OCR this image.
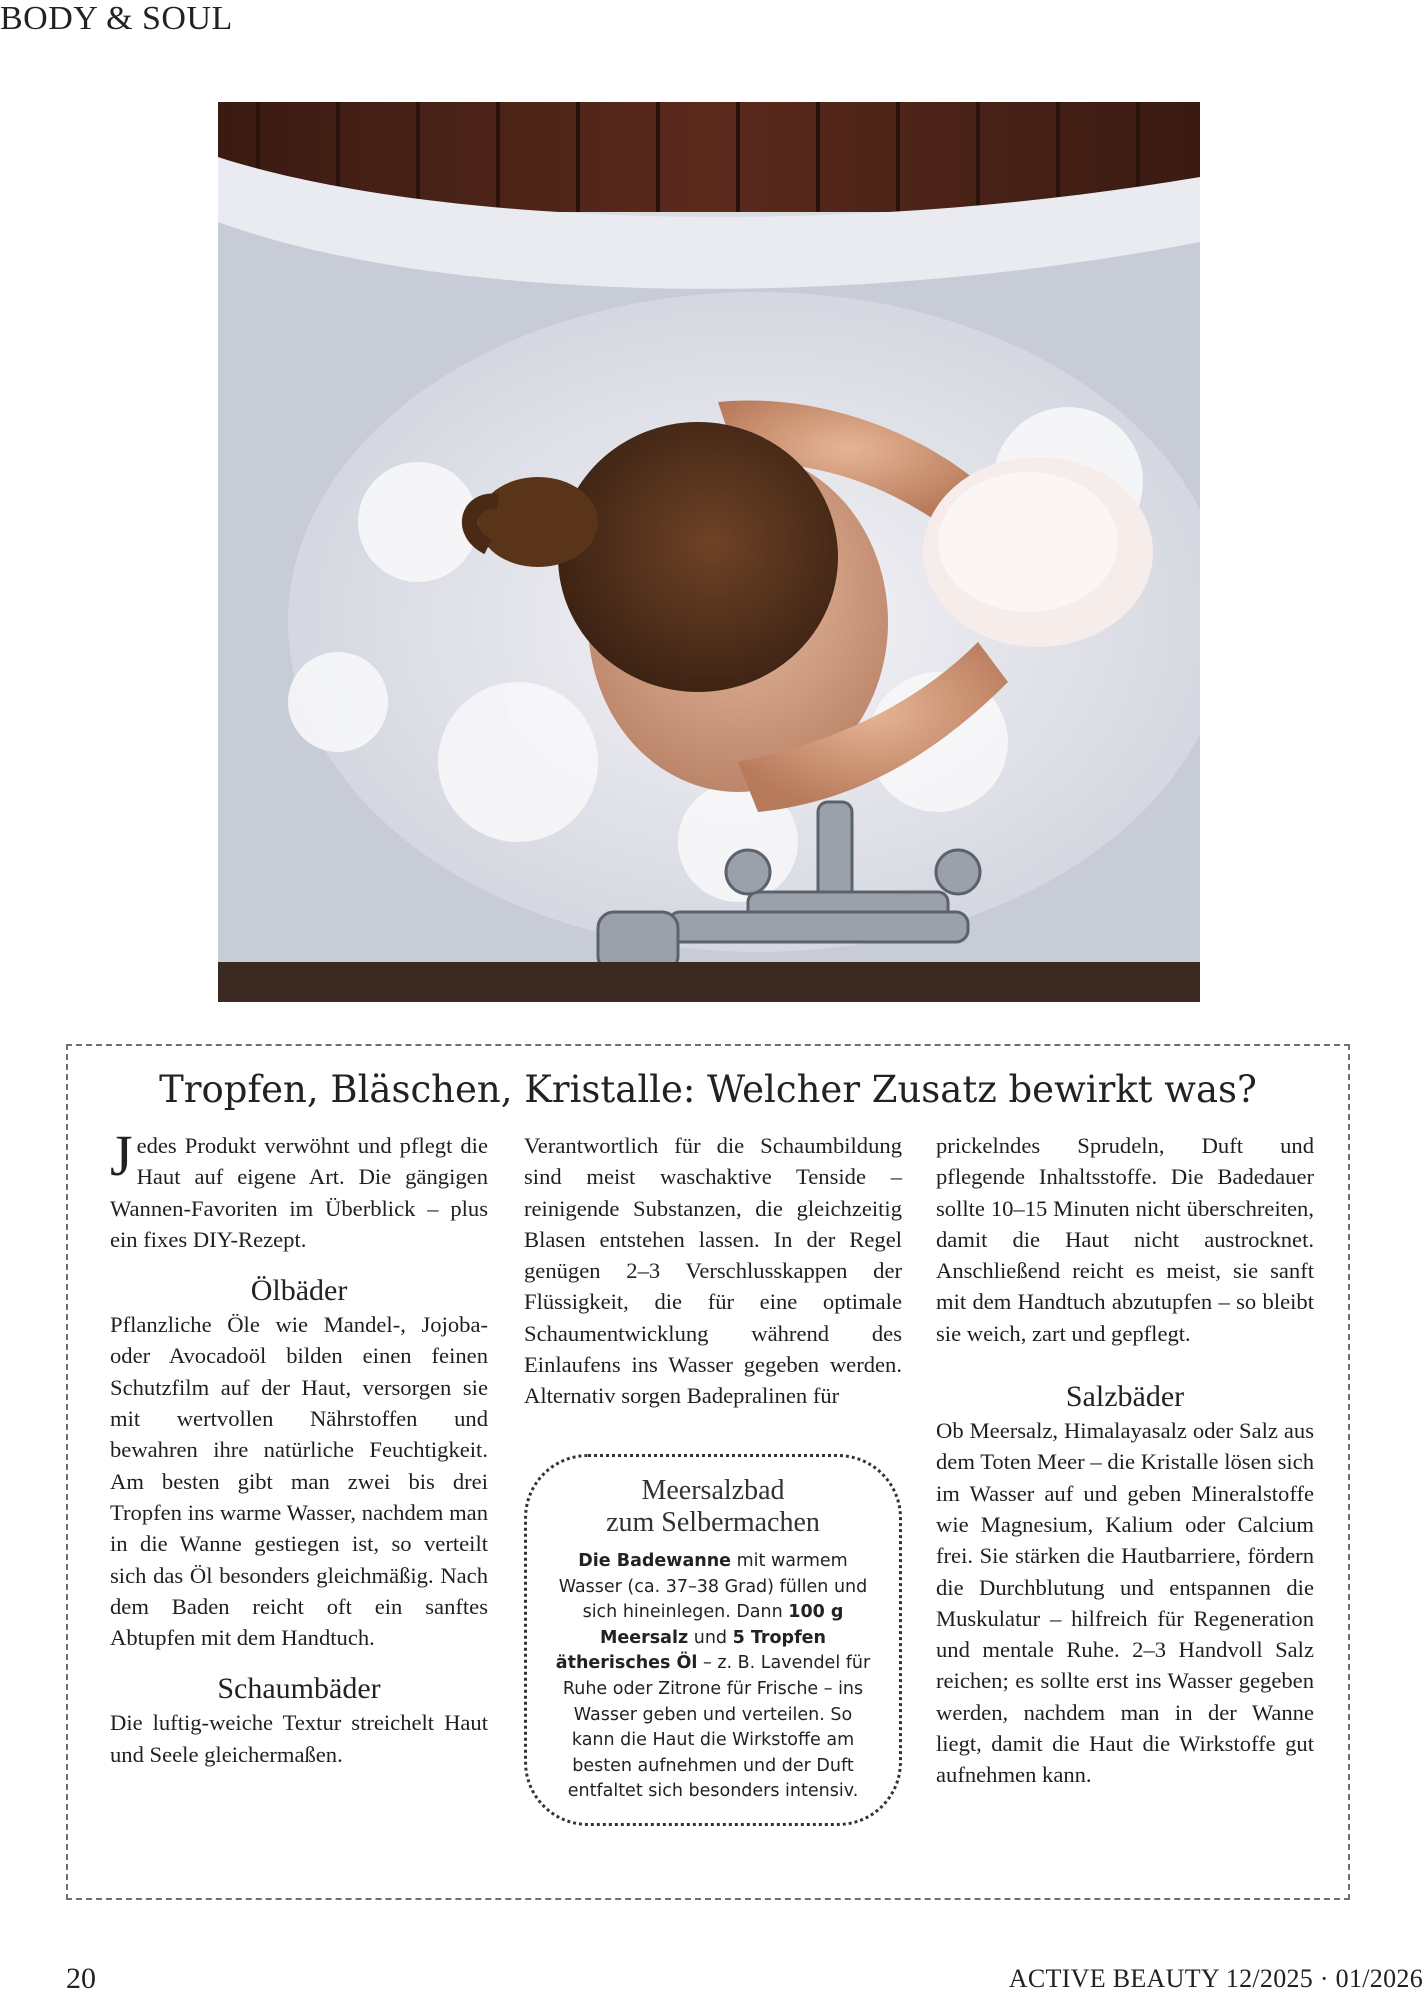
BODY & SOUL
Tropfen, Bläschen, Kristalle: Welcher Zusatz bewirkt was?

Jedes Produkt verwöhnt und pflegt die Haut auf eigene Art. Die gängigen Wannen-Favoriten im Überblick – plus ein fixes DIY-Rezept.

Ölbäder

Pflanzliche Öle wie Mandel-, Jojoba- oder Avocadoöl bilden einen feinen Schutzfilm auf der Haut, versorgen sie mit wertvollen Nährstoffen und bewahren ihre natürliche Feuchtigkeit. Am besten gibt man zwei bis drei Tropfen ins warme Wasser, nachdem man in die Wanne gestiegen ist, so verteilt sich das Öl besonders gleichmäßig. Nach dem Baden reicht oft ein sanftes Abtupfen mit dem Handtuch.

Schaumbäder

Die luftig-weiche Textur streichelt Haut und Seele gleichermaßen.

Verantwortlich für die Schaumbildung sind meist waschaktive Tenside – reinigende Substanzen, die gleichzeitig Blasen entstehen lassen. In der Regel genügen 2–3 Verschlusskappen der Flüssigkeit, die für eine optimale Schaumentwicklung während des Einlaufens ins Wasser gegeben werden. Alternativ sorgen Badepralinen für

Meersalzbad
zum Selbermachen
Die Badewanne mit warmem Wasser (ca. 37–38 Grad) füllen und sich hineinlegen. Dann 100 g Meersalz und 5 Tropfen ätherisches Öl – z. B. Lavendel für Ruhe oder Zitrone für Frische – ins Wasser geben und verteilen. So kann die Haut die Wirkstoffe am besten aufnehmen und der Duft entfaltet sich besonders intensiv.

prickelndes Sprudeln, Duft und pflegende Inhaltsstoffe. Die Badedauer sollte 10–15 Minuten nicht überschreiten, damit die Haut nicht austrocknet. Anschließend reicht es meist, sie sanft mit dem Handtuch abzutupfen – so bleibt sie weich, zart und gepflegt.

Salzbäder

Ob Meersalz, Himalayasalz oder Salz aus dem Toten Meer – die Kristalle lösen sich im Wasser auf und geben Mineralstoffe wie Magnesium, Kalium oder Calcium frei. Sie stärken die Hautbarriere, fördern die Durchblutung und entspannen die Muskulatur – hilfreich für Regeneration und mentale Ruhe. 2–3 Handvoll Salz reichen; es sollte erst ins Wasser gegeben werden, nachdem man in der Wanne liegt, damit die Haut die Wirkstoffe gut aufnehmen kann.

20	ACTIVE BEAUTY 12/2025 · 01/2026
